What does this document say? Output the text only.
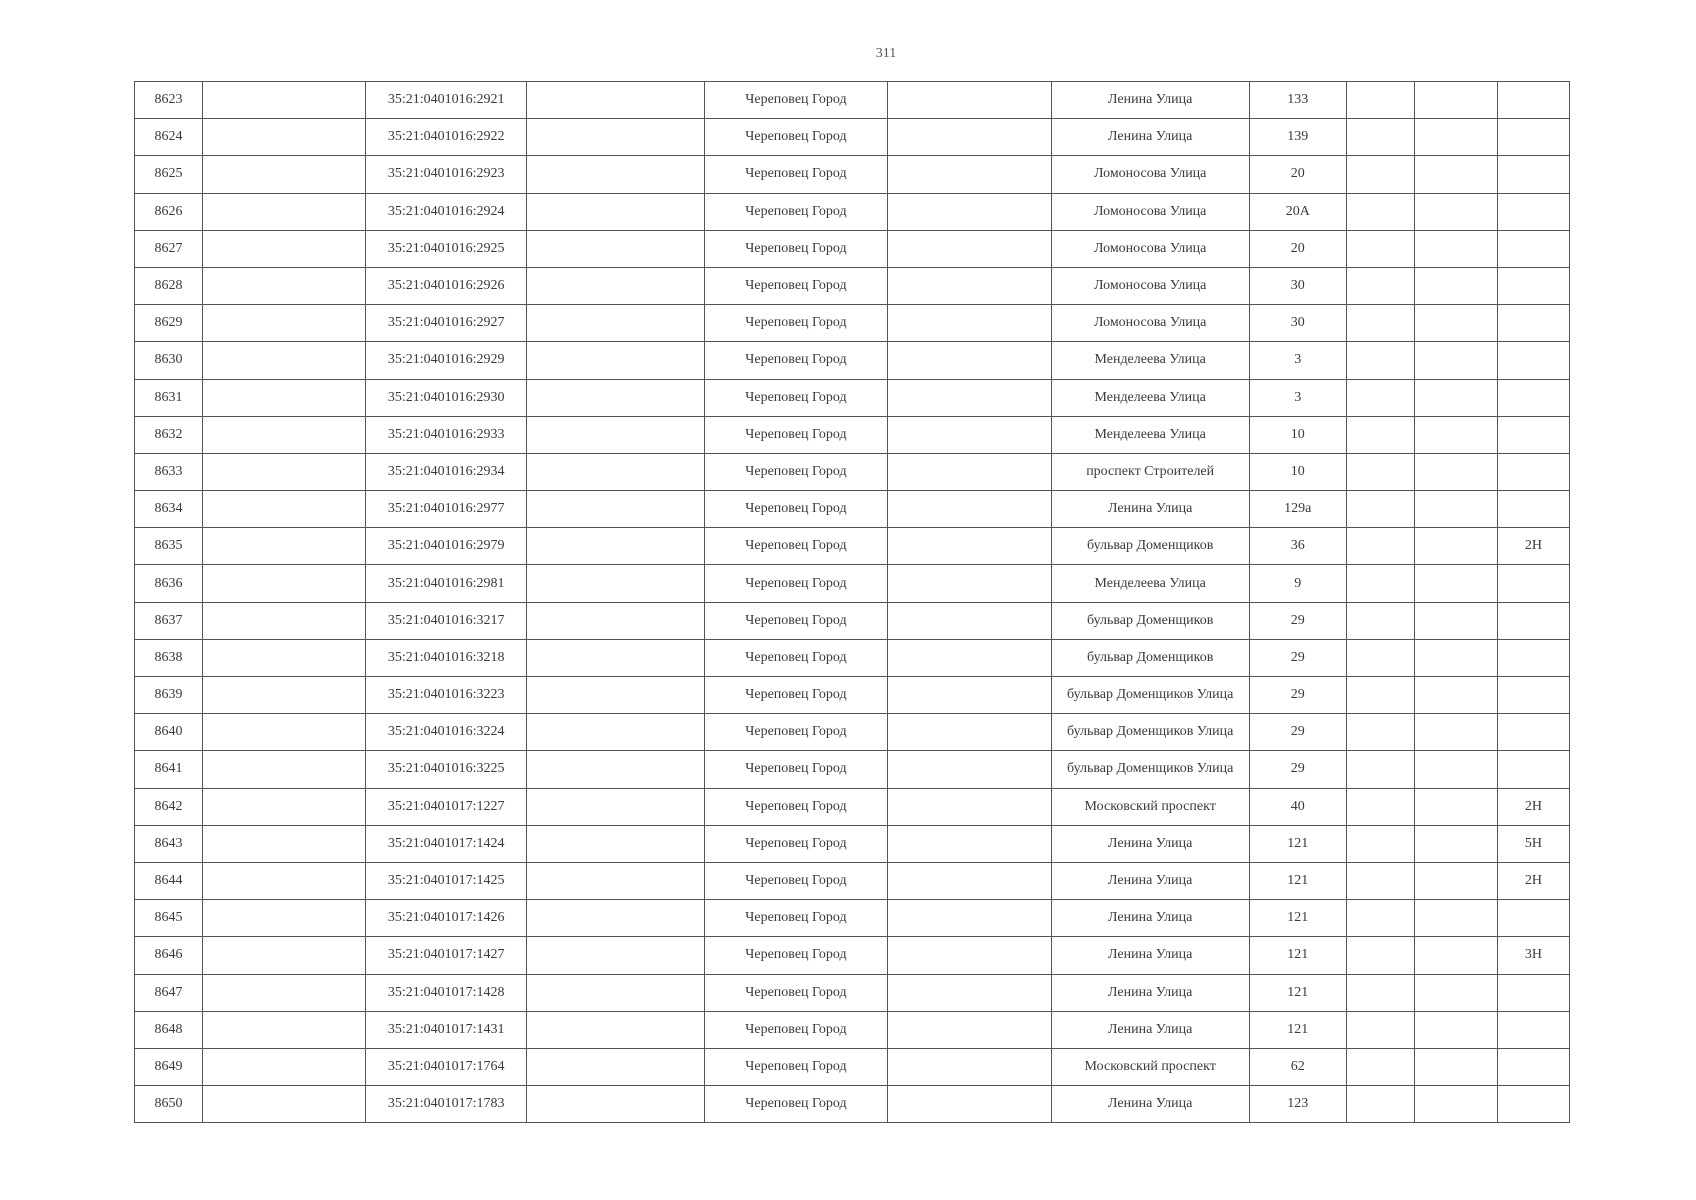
311
8623		35:21:0401016:2921		Череповец Город		Ленина Улица	133			
8624		35:21:0401016:2922		Череповец Город		Ленина Улица	139			
8625		35:21:0401016:2923		Череповец Город		Ломоносова Улица	20			
8626		35:21:0401016:2924		Череповец Город		Ломоносова Улица	20А			
8627		35:21:0401016:2925		Череповец Город		Ломоносова Улица	20			
8628		35:21:0401016:2926		Череповец Город		Ломоносова Улица	30			
8629		35:21:0401016:2927		Череповец Город		Ломоносова Улица	30			
8630		35:21:0401016:2929		Череповец Город		Менделеева Улица	3			
8631		35:21:0401016:2930		Череповец Город		Менделеева Улица	3			
8632		35:21:0401016:2933		Череповец Город		Менделеева Улица	10			
8633		35:21:0401016:2934		Череповец Город		проспект Строителей	10			
8634		35:21:0401016:2977		Череповец Город		Ленина Улица	129а			
8635		35:21:0401016:2979		Череповец Город		бульвар Доменщиков	36			2Н
8636		35:21:0401016:2981		Череповец Город		Менделеева Улица	9			
8637		35:21:0401016:3217		Череповец Город		бульвар Доменщиков	29			
8638		35:21:0401016:3218		Череповец Город		бульвар Доменщиков	29			
8639		35:21:0401016:3223		Череповец Город		бульвар Доменщиков Улица	29			
8640		35:21:0401016:3224		Череповец Город		бульвар Доменщиков Улица	29			
8641		35:21:0401016:3225		Череповец Город		бульвар Доменщиков Улица	29			
8642		35:21:0401017:1227		Череповец Город		Московский проспект	40			2Н
8643		35:21:0401017:1424		Череповец Город		Ленина Улица	121			5Н
8644		35:21:0401017:1425		Череповец Город		Ленина Улица	121			2Н
8645		35:21:0401017:1426		Череповец Город		Ленина Улица	121			
8646		35:21:0401017:1427		Череповец Город		Ленина Улица	121			3Н
8647		35:21:0401017:1428		Череповец Город		Ленина Улица	121			
8648		35:21:0401017:1431		Череповец Город		Ленина Улица	121			
8649		35:21:0401017:1764		Череповец Город		Московский проспект	62			
8650		35:21:0401017:1783		Череповец Город		Ленина Улица	123			
